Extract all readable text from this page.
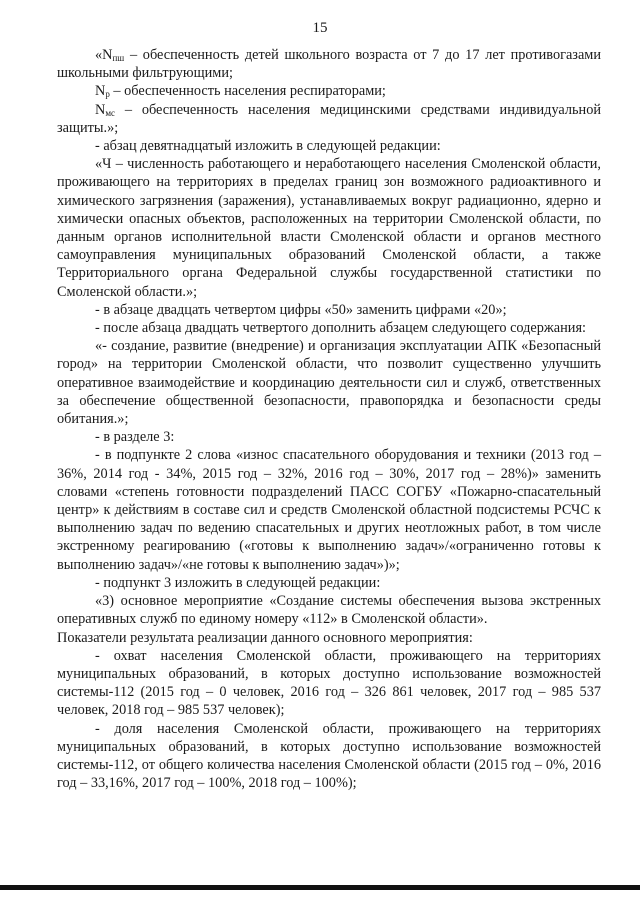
15

«$N_{пш}$ – обеспеченность детей школьного возраста от 7 до 17 лет противогазами школьными фильтрующими;

$N_р$ – обеспеченность населения респираторами;

$N_{мс}$ – обеспеченность населения медицинскими средствами индивидуальной защиты.»;

- абзац девятнадцатый изложить в следующей редакции:

«Ч – численность работающего и неработающего населения Смоленской области, проживающего на территориях в пределах границ зон возможного радиоактивного и химического загрязнения (заражения), устанавливаемых вокруг радиационно, ядерно и химически опасных объектов, расположенных на территории Смоленской области, по данным органов исполнительной власти Смоленской области и органов местного самоуправления муниципальных образований Смоленской области, а также Территориального органа Федеральной службы государственной статистики по Смоленской области.»;

- в абзаце двадцать четвертом цифры «50» заменить цифрами «20»;

- после абзаца двадцать четвертого дополнить абзацем следующего содержания:

«- создание, развитие (внедрение) и организация эксплуатации АПК «Безопасный город» на территории Смоленской области, что позволит существенно улучшить оперативное взаимодействие и координацию деятельности сил и служб, ответственных за обеспечение общественной безопасности, правопорядка и безопасности среды обитания.»;

- в разделе 3:

- в подпункте 2 слова «износ спасательного оборудования и техники (2013 год – 36%, 2014 год - 34%, 2015 год – 32%, 2016 год – 30%, 2017 год – 28%)» заменить словами «степень готовности подразделений ПАСС СОГБУ «Пожарно-спасательный центр» к действиям в составе сил и средств Смоленской областной подсистемы РСЧС к выполнению задач по ведению спасательных и других неотложных работ, в том числе экстренному реагированию («готовы к выполнению задач»/«ограниченно готовы к выполнению задач»/«не готовы к выполнению задач»)»;

- подпункт 3 изложить в следующей редакции:

«3) основное мероприятие «Создание системы обеспечения вызова экстренных оперативных служб по единому номеру «112» в Смоленской области».

Показатели результата реализации данного основного мероприятия:

- охват населения Смоленской области, проживающего на территориях муниципальных образований, в которых доступно использование возможностей системы-112 (2015 год – 0 человек, 2016 год – 326 861 человек, 2017 год – 985 537 человек, 2018 год – 985 537 человек);

- доля населения Смоленской области, проживающего на территориях муниципальных образований, в которых доступно использование возможностей системы-112, от общего количества населения Смоленской области (2015 год – 0%, 2016 год – 33,16%, 2017 год – 100%, 2018 год – 100%);
